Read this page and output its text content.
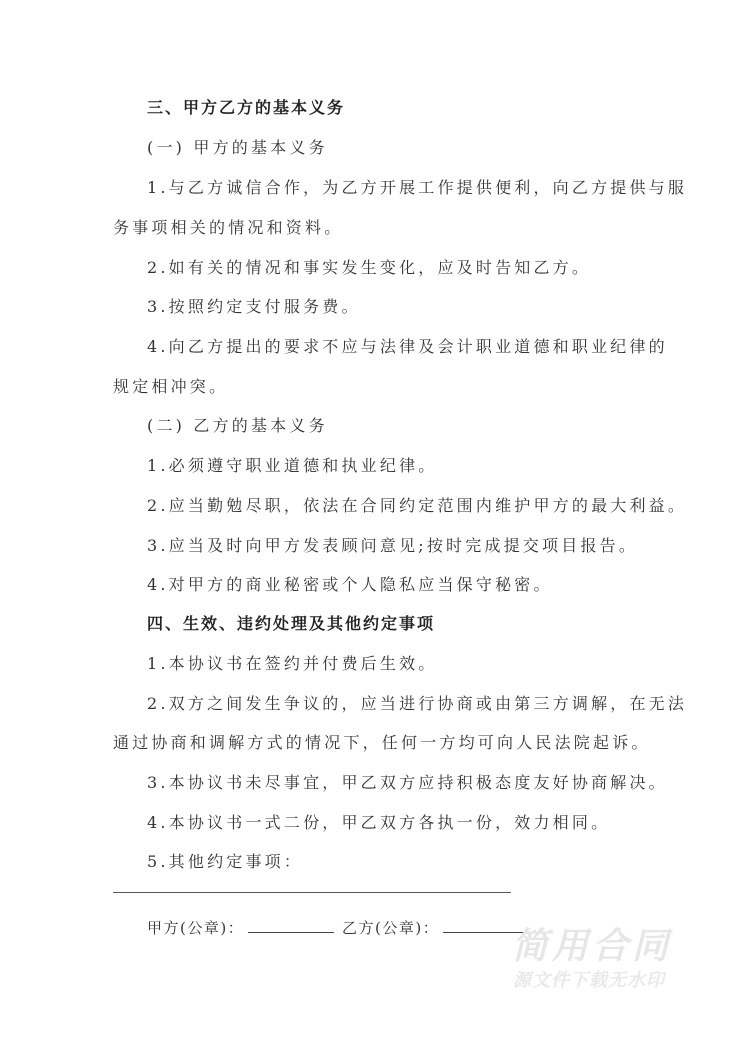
三、甲方乙方的基本义务
(一) 甲方的基本义务
1.与乙方诚信合作，为乙方开展工作提供便利，向乙方提供与服
务事项相关的情况和资料。
2.如有关的情况和事实发生变化，应及时告知乙方。
3.按照约定支付服务费。
4.向乙方提出的要求不应与法律及会计职业道德和职业纪律的
规定相冲突。
(二) 乙方的基本义务
1.必须遵守职业道德和执业纪律。
2.应当勤勉尽职，依法在合同约定范围内维护甲方的最大利益。
3.应当及时向甲方发表顾问意见;按时完成提交项目报告。
4.对甲方的商业秘密或个人隐私应当保守秘密。
四、生效、违约处理及其他约定事项
1.本协议书在签约并付费后生效。
2.双方之间发生争议的，应当进行协商或由第三方调解，在无法
通过协商和调解方式的情况下，任何一方均可向人民法院起诉。
3.本协议书未尽事宜，甲乙双方应持积极态度友好协商解决。
4.本协议书一式二份，甲乙双方各执一份，效力相同。
5.其他约定事项：
甲方(公章)：	乙方(公章)：	简用合同
源文件下载无水印
